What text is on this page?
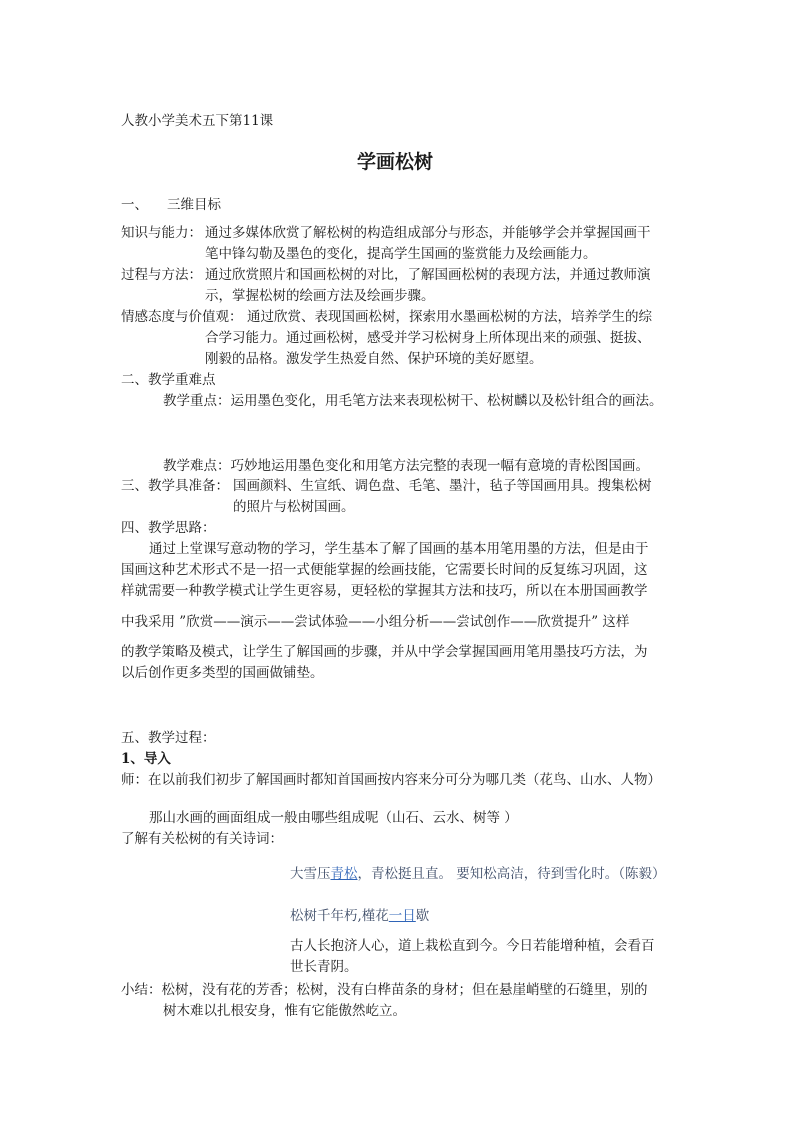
人教小学美术五下第11课
学画松树
一、 三维目标
知识与能力： 通过多媒体欣赏了解松树的构造组成部分与形态，并能够学会并掌握国画干
笔中锋勾勒及墨色的变化，提高学生国画的鉴赏能力及绘画能力。
过程与方法： 通过欣赏照片和国画松树的对比，了解国画松树的表现方法，并通过教师演
示，掌握松树的绘画方法及绘画步骤。
情感态度与价值观： 通过欣赏、表现国画松树，探索用水墨画松树的方法，培养学生的综
合学习能力。通过画松树，感受并学习松树身上所体现出来的顽强、挺拔、
刚毅的品格。激发学生热爱自然、保护环境的美好愿望。
二、教学重难点
教学重点：运用墨色变化，用毛笔方法来表现松树干、松树麟以及松针组合的画法。
教学难点：巧妙地运用墨色变化和用笔方法完整的表现一幅有意境的青松图国画。
三、教学具准备： 国画颜料、生宣纸、调色盘、毛笔、墨汁，毡子等国画用具。搜集松树
的照片与松树国画。
四、教学思路：
通过上堂课写意动物的学习，学生基本了解了国画的基本用笔用墨的方法，但是由于
国画这种艺术形式不是一招一式便能掌握的绘画技能，它需要长时间的反复练习巩固，这
样就需要一种教学模式让学生更容易，更轻松的掌握其方法和技巧，所以在本册国画教学
中我采用 ”欣赏——演示——尝试体验——小组分析——尝试创作——欣赏提升” 这样
的教学策略及模式，让学生了解国画的步骤，并从中学会掌握国画用笔用墨技巧方法，为
以后创作更多类型的国画做铺垫。
五、教学过程：
1、导入
师：在以前我们初步了解国画时都知首国画按内容来分可分为哪几类（花鸟、山水、人物）
那山水画的画面组成一般由哪些组成呢（山石、云水、树等 ）
了解有关松树的有关诗词：
大雪压青松，青松挺且直。 要知松高洁，待到雪化时。（陈毅）
松树千年朽,槿花一日歇
古人长抱济人心，道上栽松直到今。今日若能增种植，会看百
世长青阴。
小结：松树，没有花的芳香；松树，没有白桦苗条的身材；但在悬崖峭壁的石缝里，别的
树木难以扎根安身，惟有它能傲然屹立。
